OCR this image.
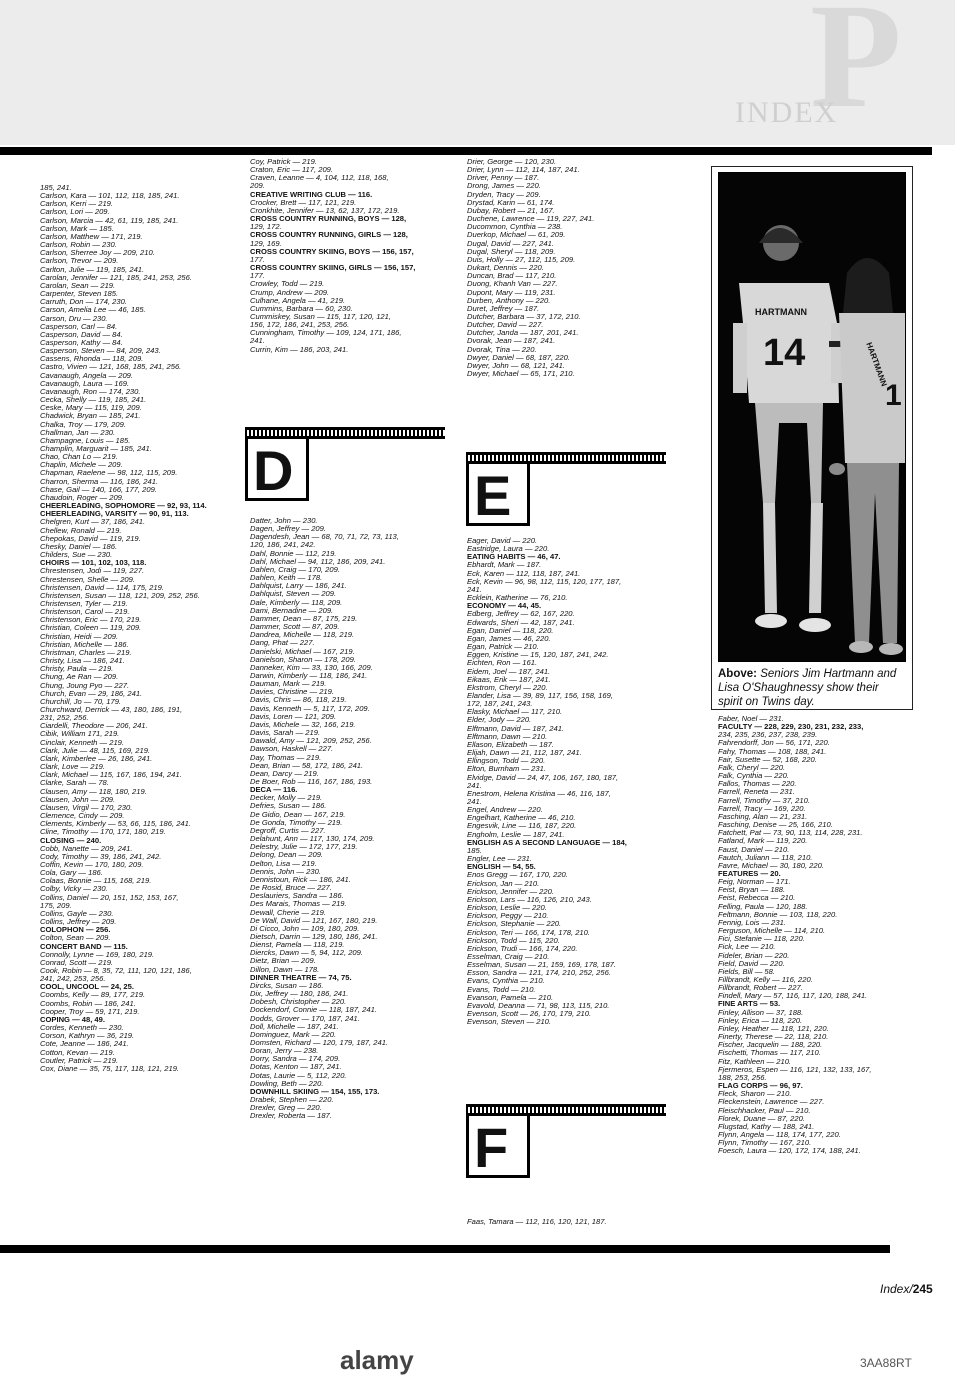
P
INDEX
185, 241.
Carlson, Kara — 101, 112, 118, 185, 241.
Carlson, Kerri — 219.
Carlson, Lori — 209.
Carlson, Marcia — 42, 61, 119, 185, 241.
Carlson, Mark — 185.
Carlson, Matthew — 171, 219.
Carlson, Robin — 230.
Carlson, Sherree Joy — 209, 210.
Carlson, Trevor — 209.
Carlton, Julie — 119, 185, 241.
Carolan, Jennifer — 121, 185, 241, 253, 256.
Carolan, Sean — 219.
Carpenter, Steven 185.
Carruth, Don — 174, 230.
Carson, Amelia Lee — 46, 185.
Carson, Dru — 230.
Casperson, Carl — 84.
Casperson, David — 84.
Casperson, Kathy — 84.
Casperson, Steven — 84, 209, 243.
Cassens, Rhonda — 118, 209.
Castro, Vivien — 121, 168, 185, 241, 256.
Cavanaugh, Angela — 209.
Cavanaugh, Laura — 169.
Cavanaugh, Ron — 174, 230.
Cecka, Shelly — 119, 185, 241.
Ceske, Mary — 115, 119, 209.
Chadwick, Bryan — 185, 241.
Chalka, Troy — 179, 209.
Challman, Jan — 230.
Champagne, Louis — 185.
Champlin, Marguarit — 185, 241.
Chao, Chan Lo — 219.
Chaplin, Michele — 209.
Chapman, Raelene — 98, 112, 115, 209.
Charron, Sherma — 116, 186, 241.
Chase, Gail — 140, 166, 177, 209.
Chaudoin, Roger — 209.
CHEERLEADING, SOPHOMORE — 92, 93, 114.
CHEERLEADING, VARSITY — 90, 91, 113.
Chelgren, Kurt — 37, 186, 241.
Chellew, Ronald — 219.
Chepokas, David — 119, 219.
Chesky, Daniel — 186.
Childers, Sue — 230.
CHOIRS — 101, 102, 103, 118.
Chrestensen, Jodi — 119, 227.
Chrestensen, Shelle — 209.
Christensen, David — 114, 175, 219.
Christensen, Susan — 118, 121, 209, 252, 256.
Christensen, Tyler — 219.
Christenson, Carol — 219.
Christenson, Eric — 170, 219.
Christian, Coleen — 119, 209.
Christian, Heidi — 209.
Christian, Michelle — 186.
Christman, Charles — 219.
Christy, Lisa — 186, 241.
Christy, Paula — 219.
Chung, Ae Ran — 209.
Chung, Joung Pyo — 227.
Church, Evan — 29, 186, 241.
Churchill, Jo — 70, 179.
Churchward, Derrick — 43, 180, 186, 191,
231, 252, 256.
Ciardelli, Theodore — 206, 241.
Cibik, William 171, 219.
Cinclair, Kenneth — 219.
Clark, Julie — 48, 115, 169, 219.
Clark, Kimberlee — 26, 186, 241.
Clark, Love — 219.
Clark, Michael — 115, 167, 186, 194, 241.
Clarke, Sarah — 78.
Clausen, Amy — 118, 180, 219.
Clausen, John — 209.
Clausen, Virgil — 170, 230.
Clemence, Cindy — 209.
Clements, Kimberly — 53, 66, 115, 186, 241.
Cline, Timothy — 170, 171, 180, 219.
CLOSING — 240.
Cobb, Nanette — 209, 241.
Cody, Timothy — 39, 186, 241, 242.
Coffin, Kevin — 170, 180, 209.
Cola, Gary — 186.
Colaas, Bonnie — 115, 168, 219.
Colby, Vicky — 230.
Collins, Daniel — 20, 151, 152, 153, 167,
175, 209.
Collins, Gayle — 230.
Collins, Jeffrey — 209.
COLOPHON — 256.
Colton, Sean — 209.
CONCERT BAND — 115.
Connolly, Lynne — 169, 180, 219.
Conrad, Scott — 219.
Cook, Robin — 8, 35, 72, 111, 120, 121, 186,
241, 242, 253, 256.
COOL, UNCOOL — 24, 25.
Coombs, Kelly — 89, 177, 219.
Coombs, Robin — 186, 241.
Cooper, Troy — 59, 171, 219.
COPING — 48, 49.
Cordes, Kenneth — 230.
Corson, Kathryn — 36, 219.
Cote, Jeanne — 186, 241.
Cotton, Kevan — 219.
Coutler, Patrick — 219.
Cox, Diane — 35, 75, 117, 118, 121, 219.
Coy, Patrick — 219.
Craton, Eric — 117, 209.
Craven, Leanne — 4, 104, 112, 118, 168,
209.
CREATIVE WRITING CLUB — 116.
Crocker, Brett — 117, 121, 219.
Cronkhite, Jennifer — 13, 62, 137, 172, 219.
CROSS COUNTRY RUNNING, BOYS — 128,
129, 172.
CROSS COUNTRY RUNNING, GIRLS — 128,
129, 169.
CROSS COUNTRY SKIING, BOYS — 156, 157,
177.
CROSS COUNTRY SKIING, GIRLS — 156, 157,
177.
Crowley, Todd — 219.
Crump, Andrew — 209.
Culhane, Angela — 41, 219.
Cummins, Barbara — 60, 230.
Cummiskey, Susan — 115, 117, 120, 121,
156, 172, 186, 241, 253, 256.
Cunningham, Timothy — 109, 124, 171, 186,
241.
Currin, Kim — 186, 203, 241.
Datter, John — 230.
Dagen, Jeffrey — 209.
Dagendesh, Jean — 68, 70, 71, 72, 73, 113,
120, 186, 241, 242.
Dahl, Bonnie — 112, 219.
Dahl, Michael — 94, 112, 186, 209, 241.
Dahlen, Craig — 170, 209.
Dahlen, Keith — 178.
Dahlquist, Larry — 186, 241.
Dahlquist, Steven — 209.
Dale, Kimberly — 118, 209.
Dami, Bernadine — 209.
Dammer, Dean — 87, 175, 219.
Dammer, Scott — 87, 209.
Dandrea, Michelle — 118, 219.
Dang, Phat — 227.
Danielski, Michael — 167, 219.
Danielson, Sharon — 178, 209.
Danneker, Kim — 33, 130, 166, 209.
Darwin, Kimberly — 118, 186, 241.
Dauman, Mark — 219.
Davies, Christine — 219.
Davis, Chris — 86, 118, 219.
Davis, Kenneth — 5, 117, 172, 209.
Davis, Loren — 121, 209.
Davis, Michele — 32, 166, 219.
Davis, Sarah — 219.
Dawald, Amy — 121, 209, 252, 256.
Dawson, Haskell — 227.
Day, Thomas — 219.
Dean, Brian — 58, 172, 186, 241.
Dean, Darcy — 219.
De Boer, Rob — 116, 167, 186, 193.
DECA — 116.
Decker, Molly — 219.
Defries, Susan — 186.
De Gidio, Dean — 167, 219.
De Gonda, Timothy — 219.
Degroff, Curtis — 227.
Delahunt, Ann — 117, 130, 174, 209.
Delestry, Julie — 172, 177, 219.
Delong, Dean — 209.
Delton, Lisa — 219.
Dennis, John — 230.
Dennistoun, Rick — 186, 241.
De Rosid, Bruce — 227.
Deslauriers, Sandra — 186.
Des Marais, Thomas — 219.
Dewall, Cherie — 219.
De Wall, David — 121, 167, 180, 219.
Di Cicco, John — 109, 180, 209.
Dietsch, Darrin — 129, 180, 186, 241.
Dienst, Pamela — 118, 219.
Diercks, Dawn — 5, 94, 112, 209.
Dietz, Brian — 209.
Dillon, Dawn — 178.
DINNER THEATRE — 74, 75.
Dircks, Susan — 186.
Dix, Jeffrey — 180, 186, 241.
Dobesh, Christopher — 220.
Dockendorf, Connie — 118, 187, 241.
Dodds, Grover — 170, 187, 241.
Doll, Michelle — 187, 241.
Dominguez, Mark — 220.
Domsten, Richard — 120, 179, 187, 241.
Doran, Jerry — 238.
Dorry, Sandra — 174, 209.
Dotas, Kenton — 187, 241.
Dotas, Laurie — 5, 112, 220.
Dowling, Beth — 220.
DOWNHILL SKIING — 154, 155, 173.
Drabek, Stephen — 220.
Drexler, Greg — 220.
Drexler, Roberta — 187.
Drier, George — 120, 230.
Drier, Lynn — 112, 114, 187, 241.
Driver, Penny — 187.
Drong, James — 220.
Dryden, Tracy — 209.
Drystad, Karin — 61, 174.
Dubay, Robert — 21, 167.
Duchene, Lawrence — 119, 227, 241.
Ducommon, Cynthia — 238.
Duerkop, Michael — 61, 209.
Dugal, David — 227, 241.
Dugal, Sheryl — 118, 209.
Duis, Holly — 27, 112, 115, 209.
Dukart, Dennis — 220.
Duncan, Brad — 117, 210.
Duong, Khanh Van — 227.
Dupont, Mary — 119, 231.
Durben, Anthony — 220.
Duret, Jeffrey — 187.
Dutcher, Barbara — 37, 172, 210.
Dutcher, David — 227.
Dutcher, Janda — 187, 201, 241.
Dvorak, Jean — 187, 241.
Dvorak, Tina — 220.
Dwyer, Daniel — 68, 187, 220.
Dwyer, John — 68, 121, 241.
Dwyer, Michael — 65, 171, 210.
Eager, David — 220.
Eastridge, Laura — 220.
EATING HABITS — 46, 47.
Ebhardt, Mark — 187.
Eck, Karen — 112, 118, 187, 241.
Eck, Kevin — 96, 98, 112, 115, 120, 177, 187,
241.
Ecklein, Katherine — 76, 210.
ECONOMY — 44, 45.
Edberg, Jeffrey — 62, 167, 220.
Edwards, Sheri — 42, 187, 241.
Egan, Daniel — 118, 220.
Egan, James — 46, 220.
Egan, Patrick — 210.
Eggen, Kristine — 15, 120, 187, 241, 242.
Eichten, Ron — 161.
Eidem, Joel — 187, 241.
Eikaas, Erik — 187, 241.
Ekstrom, Cheryl — 220.
Elander, Lisa — 39, 89, 117, 156, 158, 169,
172, 187, 241, 243.
Elasky, Michael — 117, 210.
Elder, Jody — 220.
Elftmann, David — 187, 241.
Elftmann, Dawn — 210.
Ellason, Elizabeth — 187.
Elijah, Dawn — 21, 112, 187, 241.
Ellingson, Todd — 220.
Elton, Burnham — 231.
Elvidge, David — 24, 47, 106, 167, 180, 187,
241.
Enestrom, Helena Kristina — 46, 116, 187,
241.
Engel, Andrew — 220.
Engelhart, Katherine — 46, 210.
Engesvik, Line — 116, 187, 220.
Engholm, Leslie — 187, 241.
ENGLISH AS A SECOND LANGUAGE — 184,
185.
Engler, Lee — 231.
ENGLISH — 54, 55.
Enos Gregg — 167, 170, 220.
Erickson, Jan — 210.
Erickson, Jennifer — 220.
Erickson, Lars — 116, 126, 210, 243.
Erickson, Leslie — 220.
Erickson, Peggy — 210.
Erickson, Stephanie — 220.
Erickson, Teri — 166, 174, 178, 210.
Erickson, Todd — 115, 220.
Erickson, Trudi — 166, 174, 220.
Esselman, Craig — 210.
Esselman, Susan — 21, 159, 169, 178, 187.
Esson, Sandra — 121, 174, 210, 252, 256.
Evans, Cynthia — 210.
Evans, Todd — 210.
Evanson, Pamela — 210.
Evavold, Deanna — 71, 98, 113, 115, 210.
Evenson, Scott — 26, 170, 179, 210.
Evenson, Steven — 210.
Faas, Tamara — 112, 116, 120, 121, 187.
Faber, Noel — 231.
FACULTY — 228, 229, 230, 231, 232, 233,
234, 235, 236, 237, 238, 239.
Fahrendorff, Jon — 56, 171, 220.
Fahy, Thomas — 108, 188, 241.
Fair, Susette — 52, 168, 220.
Falk, Cheryl — 220.
Falk, Cynthia — 220.
Fallos, Thomas — 220.
Farrell, Reneta — 231.
Farrell, Timothy — 37, 210.
Farrell, Tracy — 169, 220.
Fasching, Alan — 21, 231.
Fasching, Denise — 25, 166, 210.
Fatchett, Pat — 73, 90, 113, 114, 228, 231.
Fatland, Mark — 119, 220.
Faust, Daniel — 210.
Fautch, Juliann — 118, 210.
Favre, Michael — 30, 180, 220.
FEATURES — 20.
Feig, Norman — 171.
Feist, Bryan — 188.
Feist, Rebecca — 210.
Felling, Paula — 120, 188.
Feltmann, Bonnie — 103, 118, 220.
Fennig, Lois — 231.
Ferguson, Michelle — 114, 210.
Fici, Stefanie — 118, 220.
Fick, Lee — 210.
Fideler, Brian — 220.
Field, David — 220.
Fields, Bill — 58.
Fillbrandt, Kelly — 116, 220.
Fillbrandt, Robert — 227.
Findell, Mary — 57, 116, 117, 120, 188, 241.
FINE ARTS — 53.
Finley, Allison — 37, 188.
Finley, Erica — 118, 220.
Finley, Heather — 118, 121, 220.
Finerty, Therese — 22, 118, 210.
Fischer, Jacquelin — 188, 220.
Fischetti, Thomas — 117, 210.
Fitz, Kathleen — 210.
Fjermeros, Espen — 116, 121, 132, 133, 167,
188, 253, 256.
FLAG CORPS — 96, 97.
Fleck, Sharon — 210.
Fleckenstein, Lawrence — 227.
Fleischhacker, Paul — 210.
Florek, Duane — 87, 220.
Flugstad, Kathy — 188, 241.
Flynn, Angela — 118, 174, 177, 220.
Flynn, Timothy — 167, 210.
Foesch, Laura — 120, 172, 174, 188, 241.
D	E
F
HARTMANN
14	HARTMANN
1
Above: Seniors Jim Hartmann and Lisa O'Shaughnessy show their spirit on Twins day.
Index/245
alamy	3AA88RT
